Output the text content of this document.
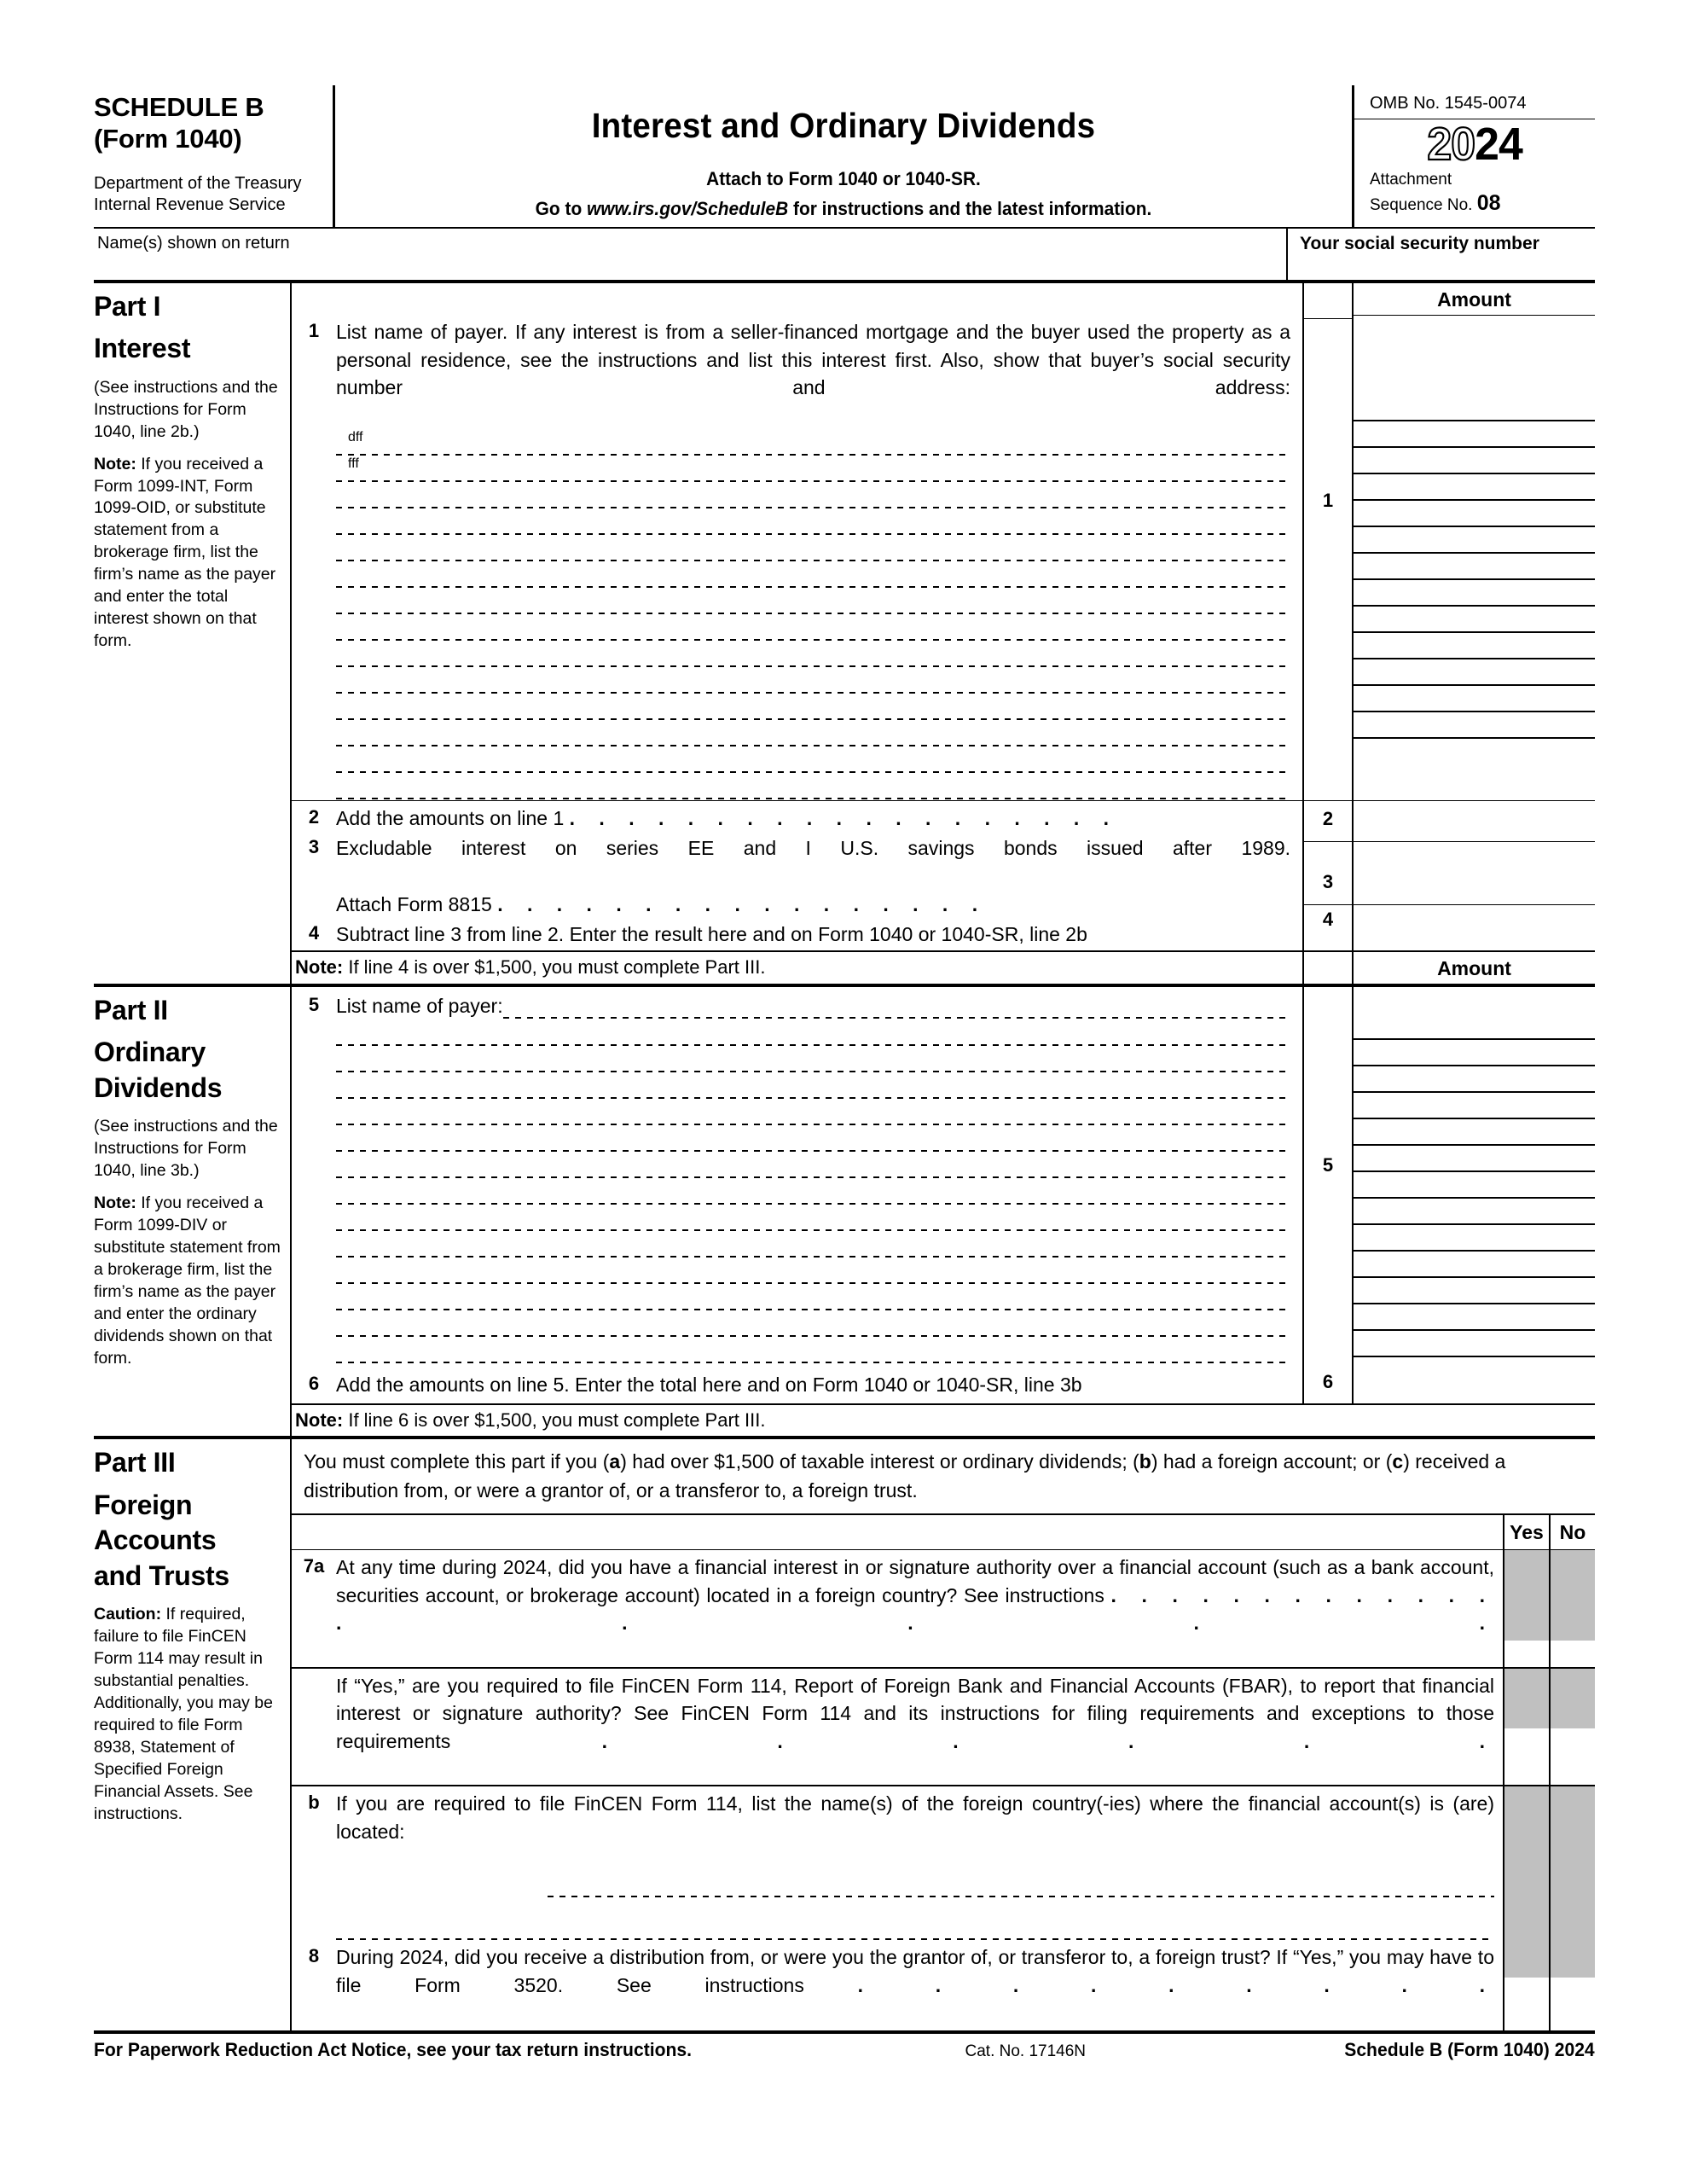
SCHEDULE B
(Form 1040)
Department of the Treasury
Internal Revenue Service
Interest and Ordinary Dividends
Attach to Form 1040 or 1040-SR.
Go to www.irs.gov/ScheduleB for instructions and the latest information.
OMB No. 1545-0074
2024
Attachment
Sequence No. 08
Name(s) shown on return	Your social security number
Part I
Interest
(See instructions and the Instructions for Form 1040, line 2b.)
Note: If you received a Form 1099-INT, Form 1099-OID, or substitute statement from a brokerage firm, list the firm’s name as the payer and enter the total interest shown on that form.
1 List name of payer. If any interest is from a seller-financed mortgage and the buyer used the property as a personal residence, see the instructions and list this interest first. Also, show that buyer’s social security number and address:
dff
fff
1
Amount
2 Add the amounts on line 1 . . . . . . . . . . . . . . . . . . .
3 Excludable interest on series EE and I U.S. savings bonds issued after 1989.
Attach Form 8815 . . . . . . . . . . . . . . . . .
4 Subtract line 3 from line 2. Enter the result here and on Form 1040 or 1040-SR, line 2b
2
3
4
Note: If line 4 is over $1,500, you must complete Part III.	Amount
Part II
Ordinary
Dividends
(See instructions and the Instructions for Form 1040, line 3b.)
Note: If you received a Form 1099-DIV or substitute statement from a brokerage firm, list the firm’s name as the payer and enter the ordinary dividends shown on that form.
5 List name of payer:
5
6 Add the amounts on line 5. Enter the total here and on Form 1040 or 1040-SR, line 3b	6
Note: If line 6 is over $1,500, you must complete Part III.
Part III
Foreign
Accounts
and Trusts
Caution: If required, failure to file FinCEN Form 114 may result in substantial penalties. Additionally, you may be required to file Form 8938, Statement of Specified Foreign Financial Assets. See instructions.
You must complete this part if you (a) had over $1,500 of taxable interest or ordinary dividends; (b) had a foreign account; or (c) received a distribution from, or were a grantor of, or a transferor to, a foreign trust.
Yes No
7a At any time during 2024, did you have a financial interest in or signature authority over a financial account (such as a bank account, securities account, or brokerage account) located in a foreign country? See instructions . . . . . . . . . . . . . . . . . .
If “Yes,” are you required to file FinCEN Form 114, Report of Foreign Bank and Financial Accounts (FBAR), to report that financial interest or signature authority? See FinCEN Form 114 and its instructions for filing requirements and exceptions to those requirements	. . . . . .
b If you are required to file FinCEN Form 114, list the name(s) of the foreign country(-ies) where the financial account(s) is (are) located:
8 During 2024, did you receive a distribution from, or were you the grantor of, or transferor to, a foreign trust? If “Yes,” you may have to file Form 3520. See instructions	. . . . . . . . .
For Paperwork Reduction Act Notice, see your tax return instructions.	Cat. No. 17146N	Schedule B (Form 1040) 2024
